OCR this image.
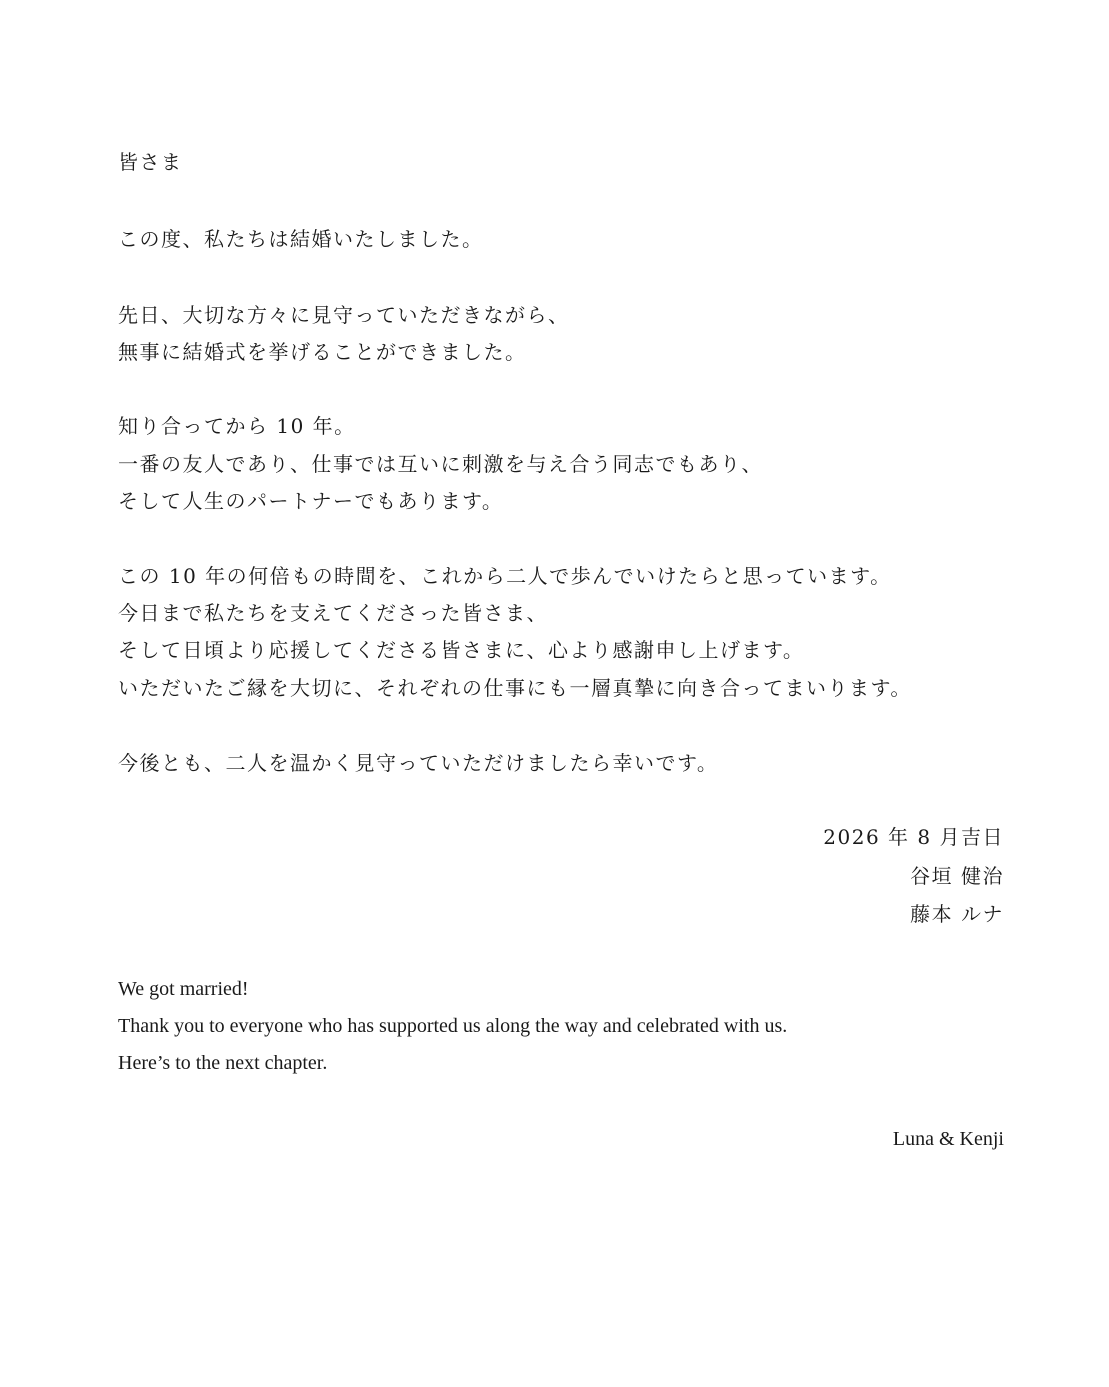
皆さま
この度、私たちは結婚いたしました。
先日、大切な方々に見守っていただきながら、
無事に結婚式を挙げることができました。
知り合ってから 10 年。
一番の友人であり、仕事では互いに刺激を与え合う同志でもあり、
そして人生のパートナーでもあります。
この 10 年の何倍もの時間を、これから二人で歩んでいけたらと思っています。
今日まで私たちを支えてくださった皆さま、
そして日頃より応援してくださる皆さまに、心より感謝申し上げます。
いただいたご縁を大切に、それぞれの仕事にも一層真摯に向き合ってまいります。
今後とも、二人を温かく見守っていただけましたら幸いです。
2026 年 8 月吉日
谷垣 健治
藤本 ルナ
We got married!
Thank you to everyone who has supported us along the way and celebrated with us.
Here’s to the next chapter.
Luna & Kenji
